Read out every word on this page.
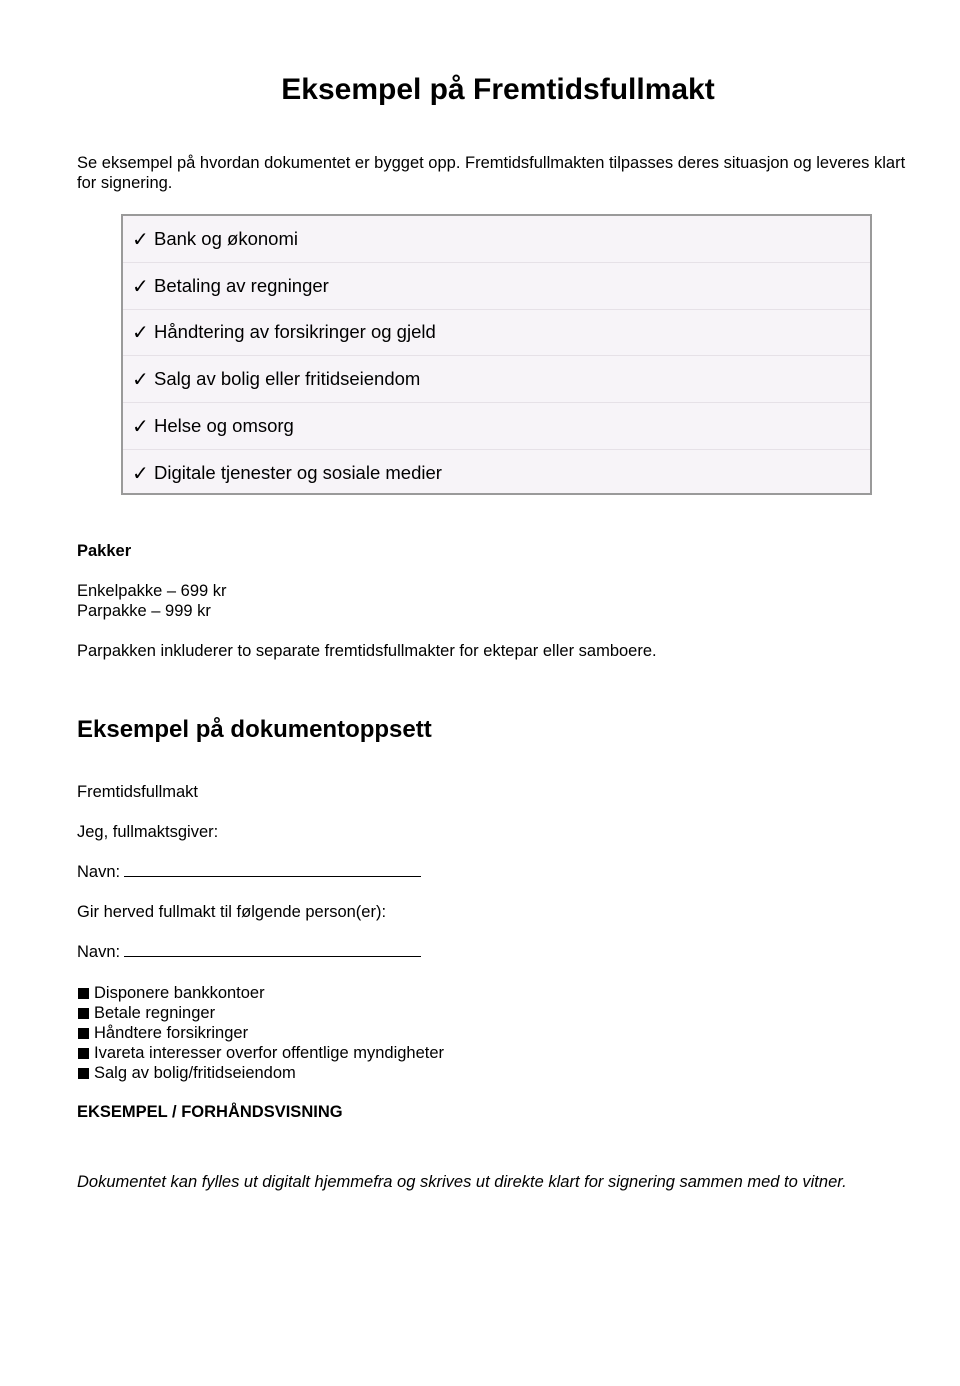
Eksempel på Fremtidsfullmakt

Se eksempel på hvordan dokumentet er bygget opp. Fremtidsfullmakten tilpasses deres situasjon og leveres klart for signering.

✓ Bank og økonomi
✓ Betaling av regninger
✓ Håndtering av forsikringer og gjeld
✓ Salg av bolig eller fritidseiendom
✓ Helse og omsorg
✓ Digitale tjenester og sosiale medier

Pakker

Enkelpakke – 699 kr

Parpakke – 999 kr

Parpakken inkluderer to separate fremtidsfullmakter for ektepar eller samboere.

Eksempel på dokumentoppsett

Fremtidsfullmakt

Jeg, fullmaktsgiver:

Navn:

Gir herved fullmakt til følgende person(er):

Navn:

Disponere bankkontoer

Betale regninger

Håndtere forsikringer

Ivareta interesser overfor offentlige myndigheter

Salg av bolig/fritidseiendom

EKSEMPEL / FORHÅNDSVISNING

Dokumentet kan fylles ut digitalt hjemmefra og skrives ut direkte klart for signering sammen med to vitner.
